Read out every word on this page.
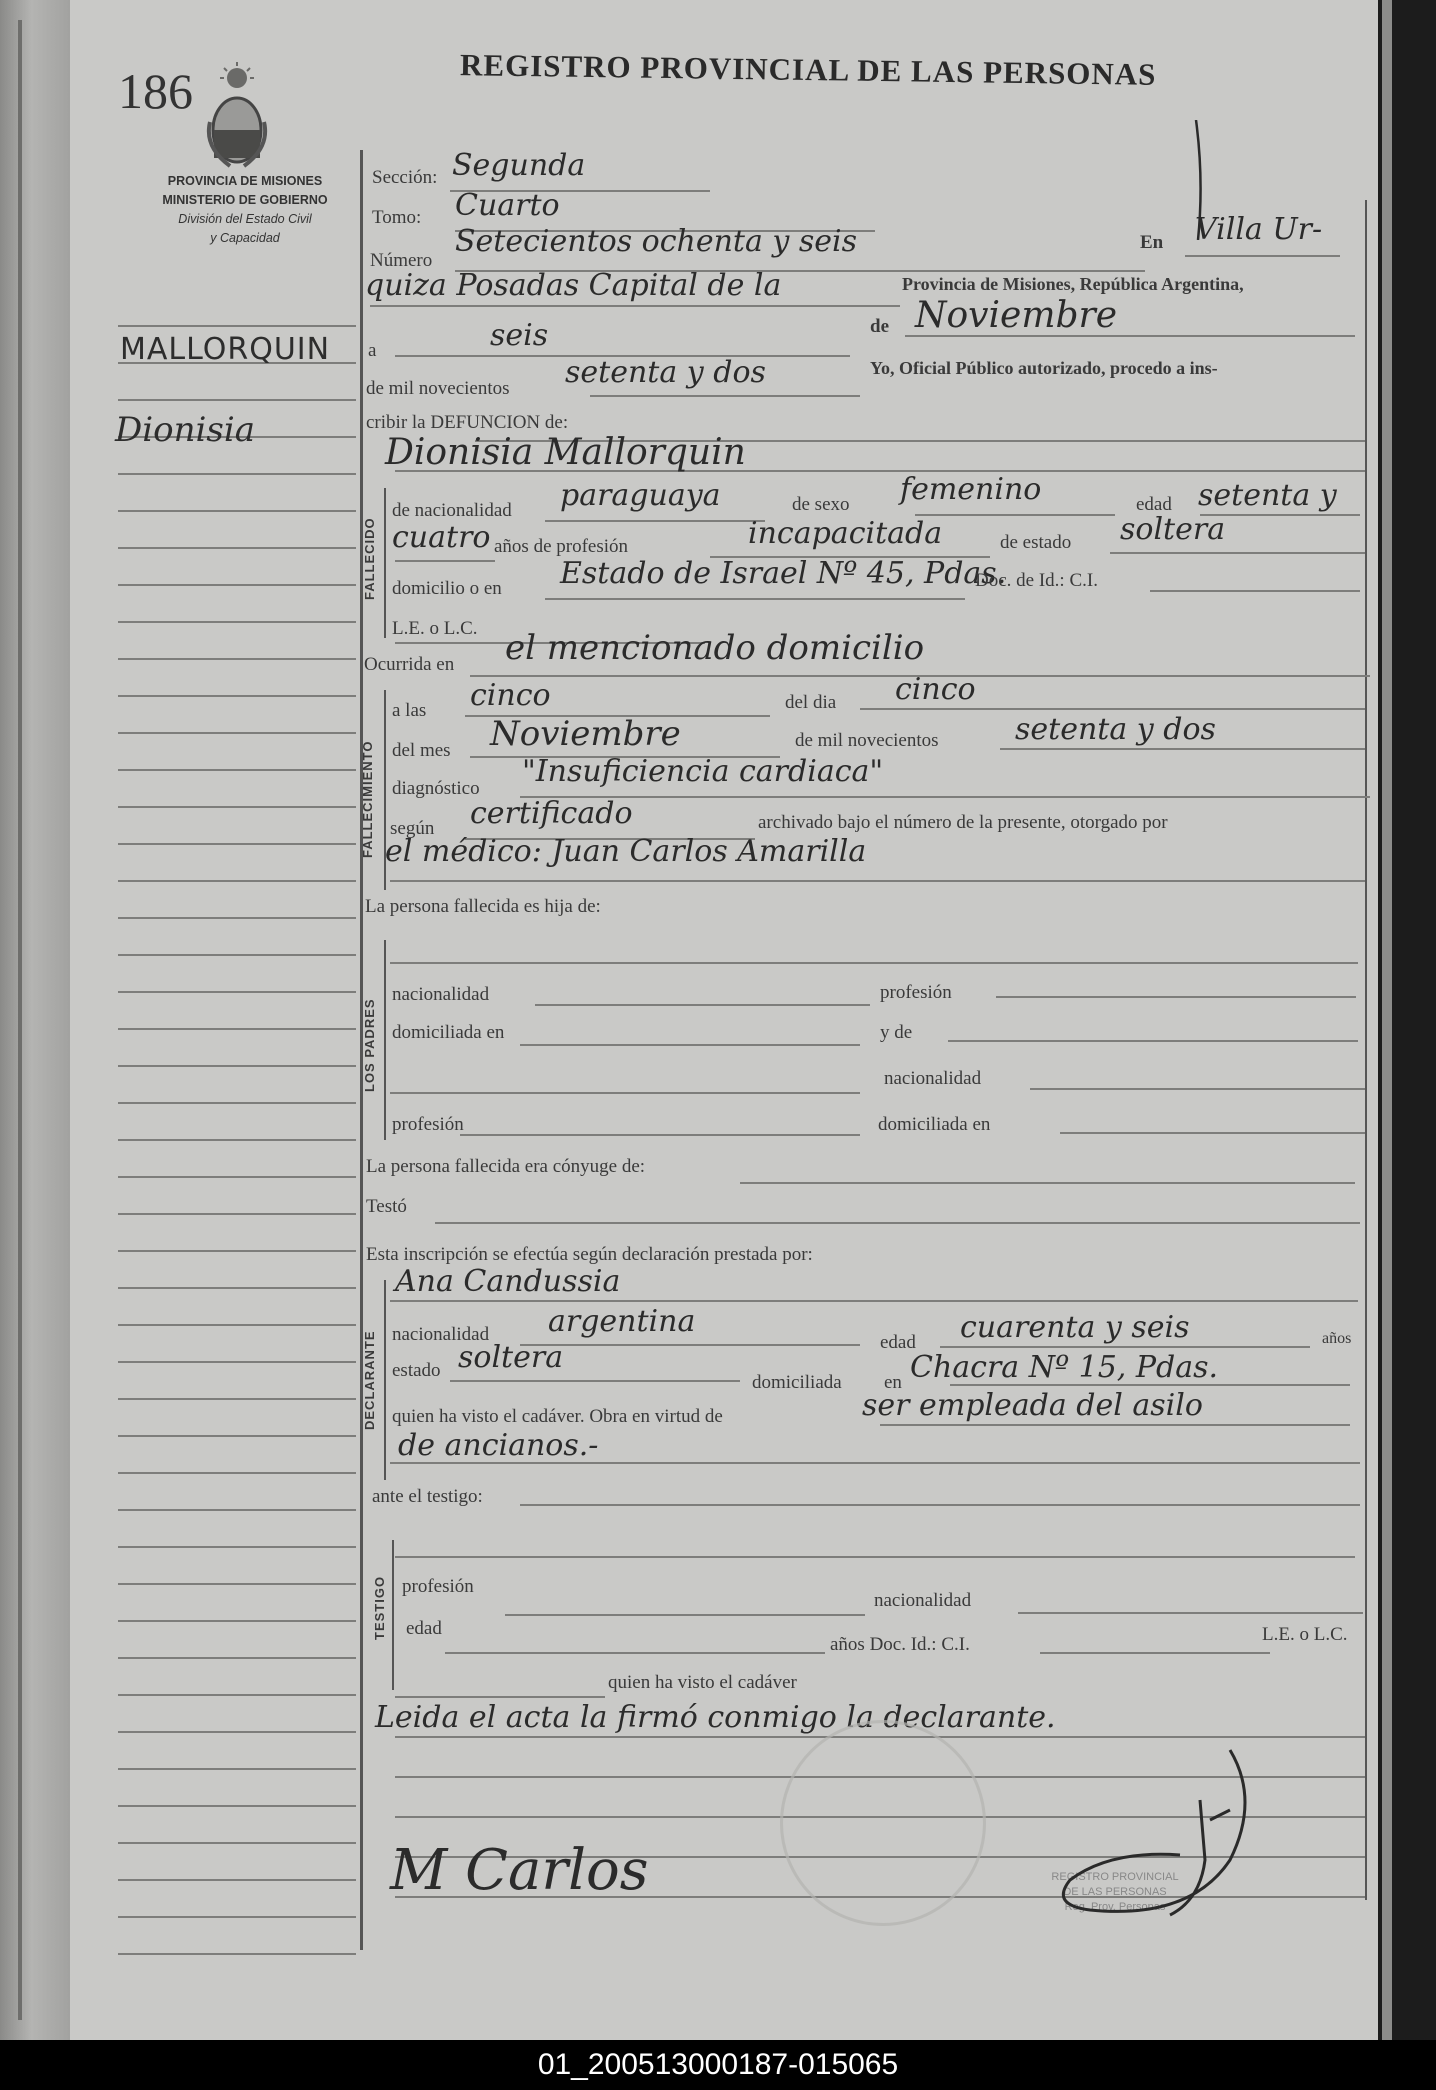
186
PROVINCIA DE MISIONES
MINISTERIO DE GOBIERNO
División del Estado Civil
y Capacidad
REGISTRO PROVINCIAL DE LAS PERSONAS
MALLORQUIN
Dionisia
Sección: Segunda
Tomo: Cuarto
Número
Setecientos ochenta y seis	En Villa Ur-
quiza Posadas Capital de la	Provincia de Misiones, República Argentina,
a	seis	de Noviembre
de mil novecientos setenta y dos	Yo, Oficial Público autorizado, procedo a ins-
cribir la DEFUNCION de:
FALLECIDO
Dionisia Mallorquin
de nacionalidad paraguaya	de sexo femenino	edad setenta y
cuatro años de profesión	incapacitada	de estado soltera
domicilio o en Estado de Israel Nº 45, Pdas.
Doc. de Id.: C.I.
L.E. o L.C.
Ocurrida en el mencionado domicilio
FALLECIMIENTO
a las cinco	del dia cinco
del mes Noviembre	de mil novecientos	setenta y dos
diagnóstico "Insuficiencia cardiaca"
según certificado	archivado bajo el número de la presente, otorgado por
el médico: Juan Carlos Amarilla
La persona fallecida es hija de:
LOS PADRES
nacionalidad	profesión
domiciliada en	y de
nacionalidad
profesión	domiciliada en
La persona fallecida era cónyuge de:
Testó
Esta inscripción se efectúa según declaración prestada por:
DECLARANTE
Ana Candussia
nacionalidad argentina
edad cuarenta y seis	años
estado soltera
domiciliada en Chacra Nº 15, Pdas.
quien ha visto el cadáver. Obra en virtud de	ser empleada del asilo
de ancianos.-
ante el testigo:
TESTIGO profesión
nacionalidad
edad
años Doc. Id.: C.I.	L.E. o L.C.
quien ha visto el cadáver
Leida el acta la firmó conmigo la declarante.
REGISTRO PROVINCIAL
DE LAS PERSONAS
Reg. Prov. Personas
M Carlos
01_200513000187-015065
